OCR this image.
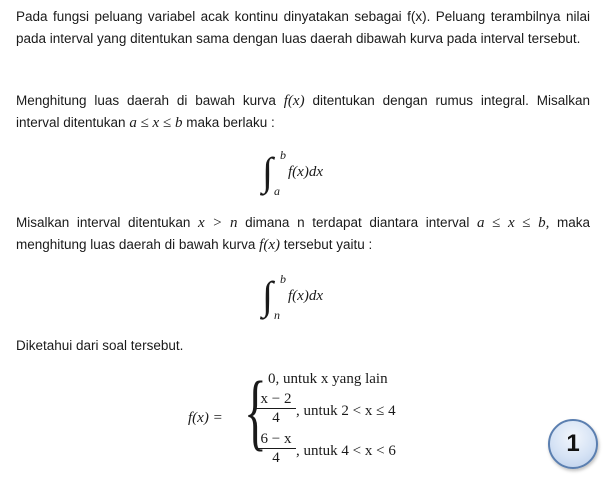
Pada fungsi peluang variabel acak kontinu dinyatakan sebagai f(x). Peluang terambilnya nilai pada interval yang ditentukan sama dengan luas daerah dibawah kurva pada interval tersebut.
Menghitung luas daerah di bawah kurva f(x) ditentukan dengan rumus integral. Misalkan interval ditentukan a ≤ x ≤ b maka berlaku :
∫ b
a
f(x)dx
Misalkan interval ditentukan x > n dimana n terdapat diantara interval a ≤ x ≤ b, maka menghitung luas daerah di bawah kurva f(x) tersebut yaitu :
∫ b
n
f(x)dx
Diketahui dari soal tersebut.
f(x) = { 0, untuk x yang lain
$\frac{x - 2}{4}$ , untuk 2 < x ≤ 4
$\frac{6 - x}{4}$ , untuk 4 < x < 6	1
